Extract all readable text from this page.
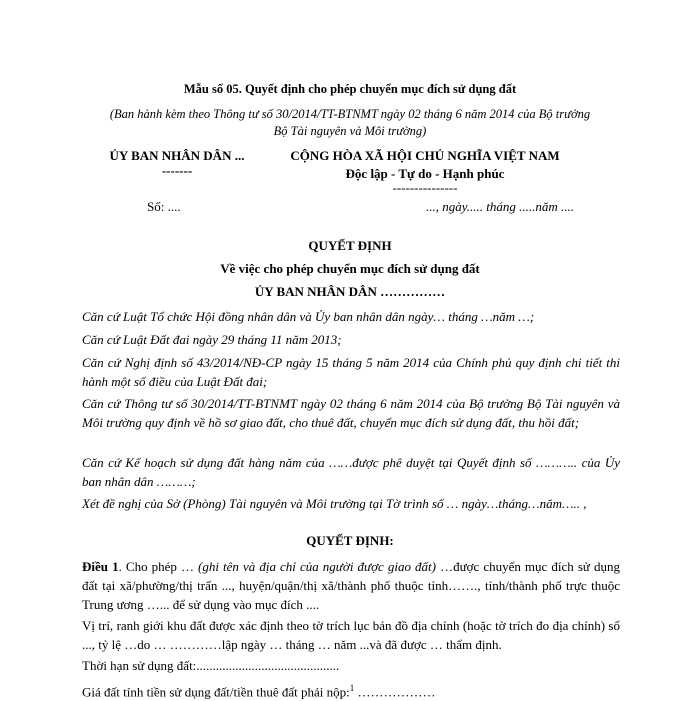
Mẫu số 05. Quyết định cho phép chuyển mục đích sử dụng đất
(Ban hành kèm theo Thông tư số 30/2014/TT-BTNMT ngày 02 tháng 6 năm 2014 của Bộ trưởng
Bộ Tài nguyên và Môi trường)
ỦY BAN NHÂN DÂN ...
-------
Số: ....
CỘNG HÒA XÃ HỘI CHỦ NGHĨA VIỆT NAM
Độc lập - Tự do - Hạnh phúc
---------------
..., ngày..... tháng .....năm ....
QUYẾT ĐỊNH
Về việc cho phép chuyển mục đích sử dụng đất
ỦY BAN NHÂN DÂN ……………
Căn cứ Luật Tổ chức Hội đồng nhân dân và Ủy ban nhân dân ngày… tháng …năm …;
Căn cứ Luật Đất đai ngày 29 tháng 11 năm 2013;
Căn cứ Nghị định số 43/2014/NĐ-CP ngày 15 tháng 5 năm 2014 của Chính phủ quy định chi tiết thi hành một số điều của Luật Đất đai;
Căn cứ Thông tư số 30/2014/TT-BTNMT ngày 02 tháng 6 năm 2014 của Bộ trưởng Bộ Tài nguyên và Môi trường quy định về hồ sơ giao đất, cho thuê đất, chuyển mục đích sử dụng đất, thu hồi đất;
Căn cứ Kế hoạch sử dụng đất hàng năm của ……được phê duyệt tại Quyết định số ……….. của Ủy ban nhân dân ………;
Xét đề nghị của Sở (Phòng) Tài nguyên và Môi trường tại Tờ trình số … ngày…tháng…năm….. ,
QUYẾT ĐỊNH:
Điều 1. Cho phép … (ghi tên và địa chỉ của người được giao đất) …được chuyển mục đích sử dụng đất tại xã/phường/thị trấn ..., huyện/quận/thị xã/thành phố thuộc tỉnh……., tỉnh/thành phố trực thuộc Trung ương …... để sử dụng vào mục đích ....
Vị trí, ranh giới khu đất được xác định theo tờ trích lục bản đồ địa chính (hoặc tờ trích đo địa chính) số ..., tỷ lệ …do … …………lập ngày … tháng … năm ...và đã được … thẩm định.
Thời hạn sử dụng đất:............................................
Giá đất tính tiền sử dụng đất/tiền thuê đất phải nộp:$^1$ ………………
